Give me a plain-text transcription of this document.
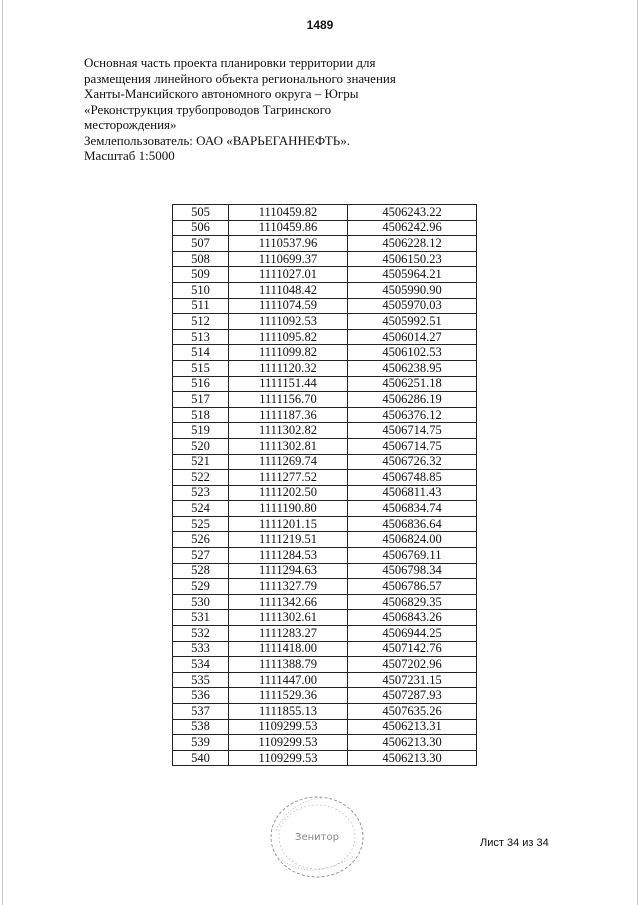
1489
Основная часть проекта планировки территории для
размещения линейного объекта регионального значения
Ханты-Мансийского автономного округа – Югры
«Реконструкция трубопроводов Тагринского
месторождения»
Землепользователь: ОАО «ВАРЬЕГАННЕФТЬ».
Масштаб 1:5000
505	1110459.82	4506243.22
506	1110459.86	4506242.96
507	1110537.96	4506228.12
508	1110699.37	4506150.23
509	1111027.01	4505964.21
510	1111048.42	4505990.90
511	1111074.59	4505970.03
512	1111092.53	4505992.51
513	1111095.82	4506014.27
514	1111099.82	4506102.53
515	1111120.32	4506238.95
516	1111151.44	4506251.18
517	1111156.70	4506286.19
518	1111187.36	4506376.12
519	1111302.82	4506714.75
520	1111302.81	4506714.75
521	1111269.74	4506726.32
522	1111277.52	4506748.85
523	1111202.50	4506811.43
524	1111190.80	4506834.74
525	1111201.15	4506836.64
526	1111219.51	4506824.00
527	1111284.53	4506769.11
528	1111294.63	4506798.34
529	1111327.79	4506786.57
530	1111342.66	4506829.35
531	1111302.61	4506843.26
532	1111283.27	4506944.25
533	1111418.00	4507142.76
534	1111388.79	4507202.96
535	1111447.00	4507231.15
536	1111529.36	4507287.93
537	1111855.13	4507635.26
538	1109299.53	4506213.31
539	1109299.53	4506213.30
540	1109299.53	4506213.30
Зенитор	Лист 34 из 34
